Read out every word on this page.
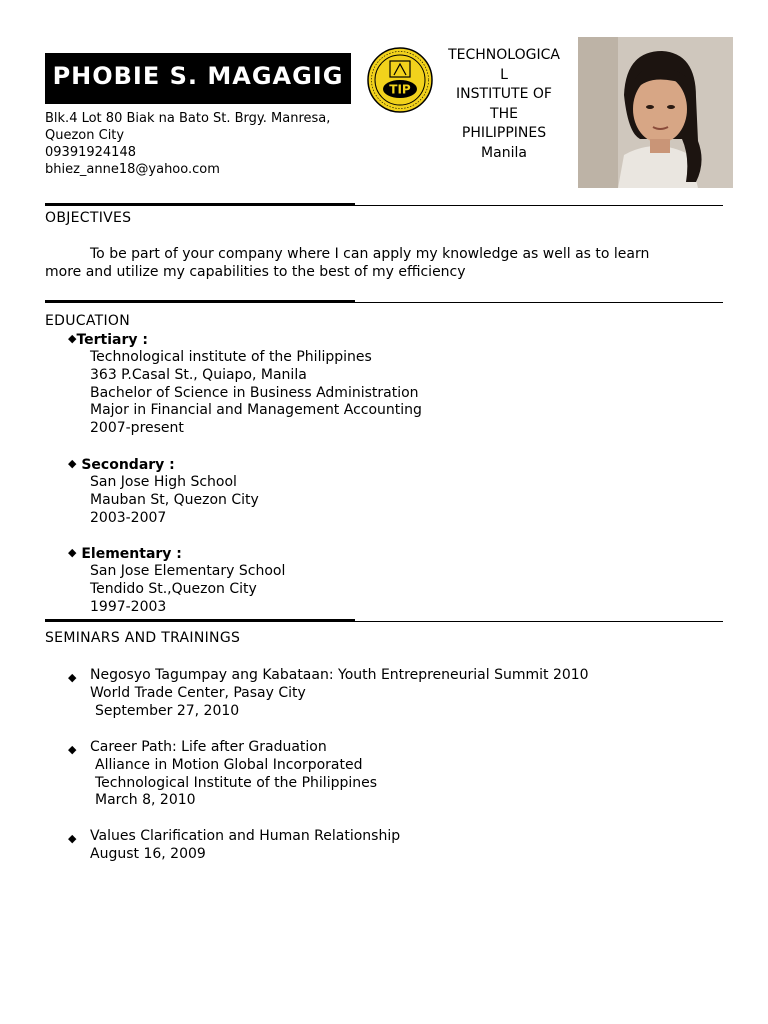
PHOBIE S. MAGAGIG
Blk.4 Lot 80 Biak na Bato St. Brgy. Manresa,
Quezon City
09391924148
bhiez_anne18@yahoo.com
TIP
TECHNOLOGICA
L
INSTITUTE OF
THE
PHILIPPINES
Manila
OBJECTIVES
To be part of your company where I can apply my knowledge as well as to learn
more and utilize my capabilities to the best of my efficiency
EDUCATION
◆Tertiary :
Technological institute of the Philippines
363 P.Casal St., Quiapo, Manila
Bachelor of Science in Business Administration
Major in Financial and Management Accounting
2007-present
◆ Secondary :
San Jose High School
Mauban St, Quezon City
2003-2007
◆ Elementary :
San Jose Elementary School
Tendido St.,Quezon City
1997-2003
SEMINARS AND TRAININGS
◆ Negosyo Tagumpay ang Kabataan: Youth Entrepreneurial Summit 2010
World Trade Center, Pasay City
September 27, 2010
◆ Career Path: Life after Graduation
Alliance in Motion Global Incorporated
Technological Institute of the Philippines
March 8, 2010
◆ Values Clarification and Human Relationship
August 16, 2009
